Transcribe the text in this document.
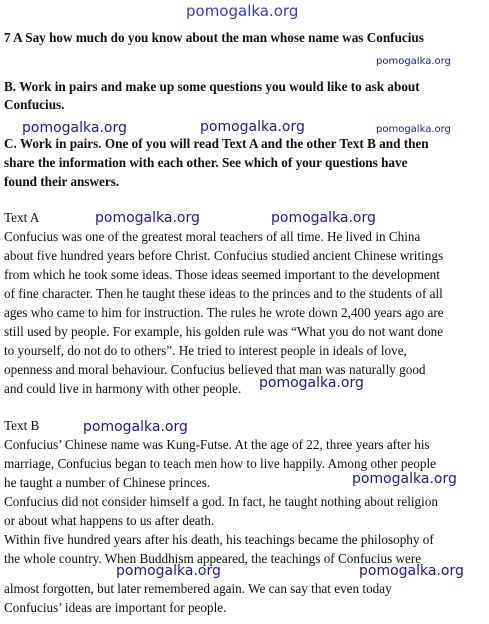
pomogalka.org
7 A Say how much do you know about the man whose name was Confucius
pomogalka.org
B. Work in pairs and make up some questions you would like to ask about
Confucius.
pomogalka.org	pomogalka.org	pomogalka.org
C. Work in pairs. One of you will read Text A and the other Text B and then
share the information with each other. See which of your questions have
found their answers.
Text A	pomogalka.org	pomogalka.org
Confucius was one of the greatest moral teachers of all time. He lived in China
about five hundred years before Christ. Confucius studied ancient Chinese writings
from which he took some ideas. Those ideas seemed important to the development
of fine character. Then he taught these ideas to the princes and to the students of all
ages who came to him for instruction. The rules he wrote down 2,400 years ago are
still used by people. For example, his golden rule was “What you do not want done
to yourself, do not do to others”. He tried to interest people in ideals of love,
openness and moral behaviour. Confucius believed that man was naturally good
and could live in harmony with other people. pomogalka.org
Text B	pomogalka.org
Confucius’ Chinese name was Kung-Futse. At the age of 22, three years after his
marriage, Confucius began to teach men how to live happily. Among other people
he taught a number of Chinese princes.	pomogalka.org
Confucius did not consider himself a god. In fact, he taught nothing about religion
or about what happens to us after death.
Within five hundred years after his death, his teachings became the philosophy of
the whole country. When Buddhism appeared, the teachings of Confucius were
pomogalka.org	pomogalka.org
almost forgotten, but later remembered again. We can say that even today
Confucius’ ideas are important for people.
